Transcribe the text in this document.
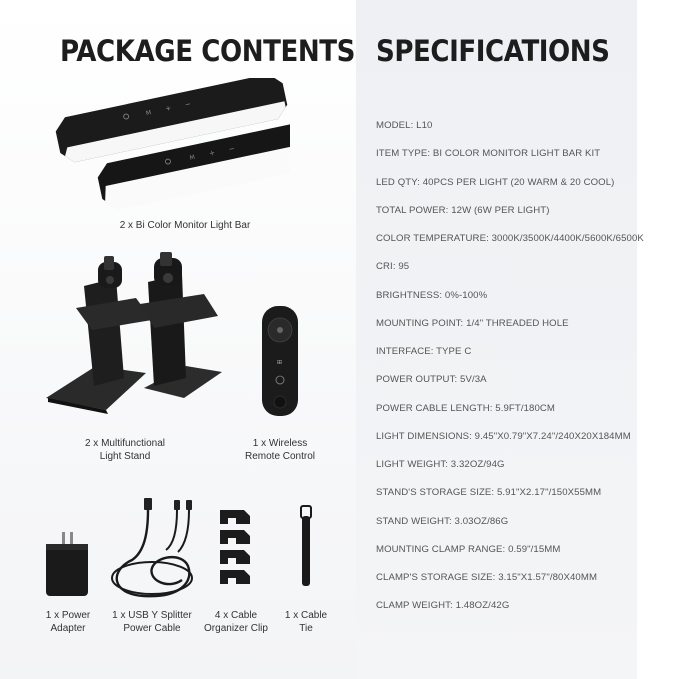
PACKAGE CONTENTS SPECIFICATIONS
M
+ −
M
+ −
2 x Bi Color Monitor Light Bar
2 x Multifunctional
Light Stand
⊞
1 x Wireless
Remote Control
1 x Power
Adapter
1 x USB Y Splitter
Power Cable
4 x Cable
Organizer Clip
1 x Cable
Tie
MODEL: L10
ITEM TYPE: BI COLOR MONITOR LIGHT BAR KIT
LED QTY: 40PCS PER LIGHT (20 WARM & 20 COOL)
TOTAL POWER: 12W (6W PER LIGHT)
COLOR TEMPERATURE: 3000K/3500K/4400K/5600K/6500K
CRI: 95
BRIGHTNESS: 0%-100%
MOUNTING POINT: 1/4" THREADED HOLE
INTERFACE: TYPE C
POWER OUTPUT: 5V/3A
POWER CABLE LENGTH: 5.9FT/180CM
LIGHT DIMENSIONS: 9.45"X0.79"X7.24"/240X20X184MM
LIGHT WEIGHT: 3.32OZ/94G
STAND'S STORAGE SIZE: 5.91"X2.17"/150X55MM
STAND WEIGHT: 3.03OZ/86G
MOUNTING CLAMP RANGE: 0.59"/15MM
CLAMP'S STORAGE SIZE: 3.15"X1.57"/80X40MM
CLAMP WEIGHT: 1.48OZ/42G
